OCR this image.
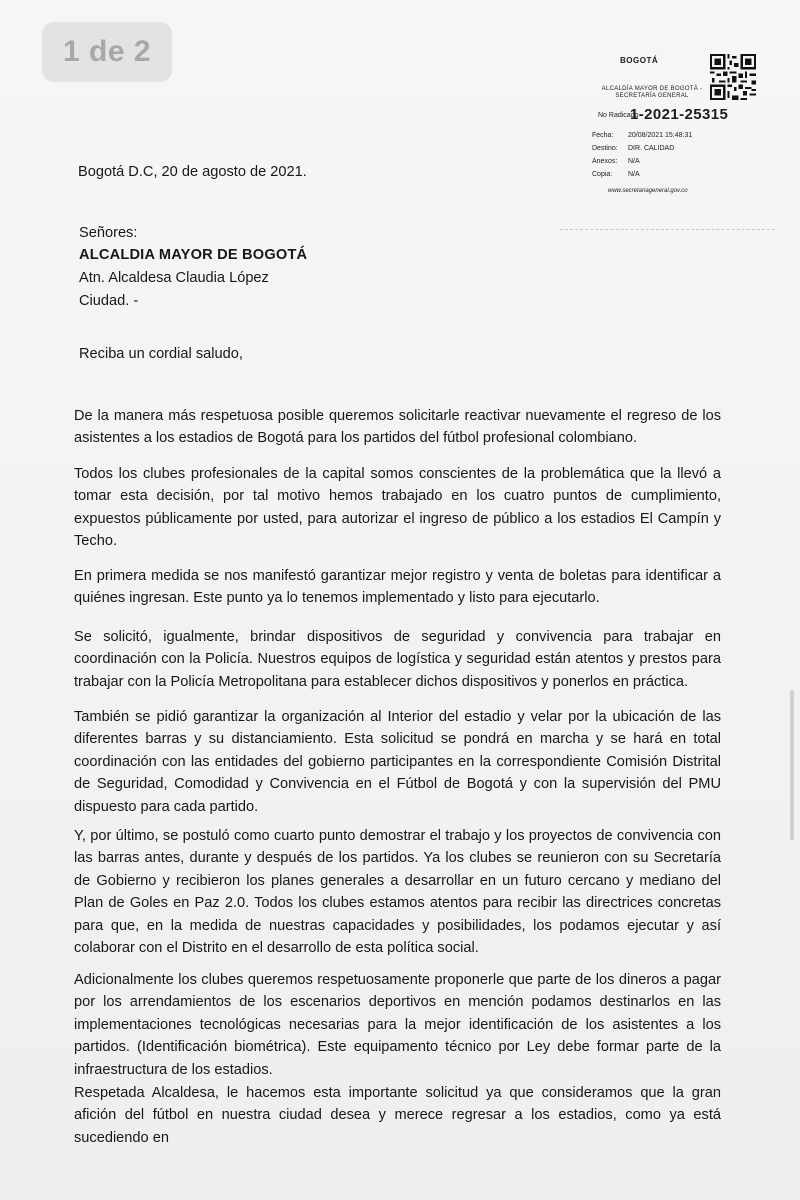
1 de 2	BOGOTÁ
ALCALDÍA MAYOR DE BOGOTÁ - SECRETARÍA GENERAL
No Radicado
1-2021-25315
Fecha: 20/08/2021 15:48:31
Destino: DIR. CALIDAD
Anexos: N/A
Copia: N/A
www.secretariageneral.gov.co
Bogotá D.C, 20 de agosto de 2021.
Señores:
ALCALDIA MAYOR DE BOGOTÁ
Atn. Alcaldesa Claudia López
Ciudad. -
Reciba un cordial saludo,
De la manera más respetuosa posible queremos solicitarle reactivar nuevamente el regreso de los asistentes a los estadios de Bogotá para los partidos del fútbol profesional colombiano.
Todos los clubes profesionales de la capital somos conscientes de la problemática que la llevó a tomar esta decisión, por tal motivo hemos trabajado en los cuatro puntos de cumplimiento, expuestos públicamente por usted, para autorizar el ingreso de público a los estadios El Campín y Techo.
En primera medida se nos manifestó garantizar mejor registro y venta de boletas para identificar a quiénes ingresan. Este punto ya lo tenemos implementado y listo para ejecutarlo.
Se solicitó, igualmente, brindar dispositivos de seguridad y convivencia para trabajar en coordinación con la Policía. Nuestros equipos de logística y seguridad están atentos y prestos para trabajar con la Policía Metropolitana para establecer dichos dispositivos y ponerlos en práctica.
También se pidió garantizar la organización al Interior del estadio y velar por la ubicación de las diferentes barras y su distanciamiento. Esta solicitud se pondrá en marcha y se hará en total coordinación con las entidades del gobierno participantes en la correspondiente Comisión Distrital de Seguridad, Comodidad y Convivencia en el Fútbol de Bogotá y con la supervisión del PMU dispuesto para cada partido.
Y, por último, se postuló como cuarto punto demostrar el trabajo y los proyectos de convivencia con las barras antes, durante y después de los partidos. Ya los clubes se reunieron con su Secretaría de Gobierno y recibieron los planes generales a desarrollar en un futuro cercano y mediano del Plan de Goles en Paz 2.0. Todos los clubes estamos atentos para recibir las directrices concretas para que, en la medida de nuestras capacidades y posibilidades, los podamos ejecutar y así colaborar con el Distrito en el desarrollo de esta política social.
Adicionalmente los clubes queremos respetuosamente proponerle que parte de los dineros a pagar por los arrendamientos de los escenarios deportivos en mención podamos destinarlos en las implementaciones tecnológicas necesarias para la mejor identificación de los asistentes a los partidos. (Identificación biométrica). Este equipamento técnico por Ley debe formar parte de la infraestructura de los estadios.
Respetada Alcaldesa, le hacemos esta importante solicitud ya que consideramos que la gran afición del fútbol en nuestra ciudad desea y merece regresar a los estadios, como ya está sucediendo en
